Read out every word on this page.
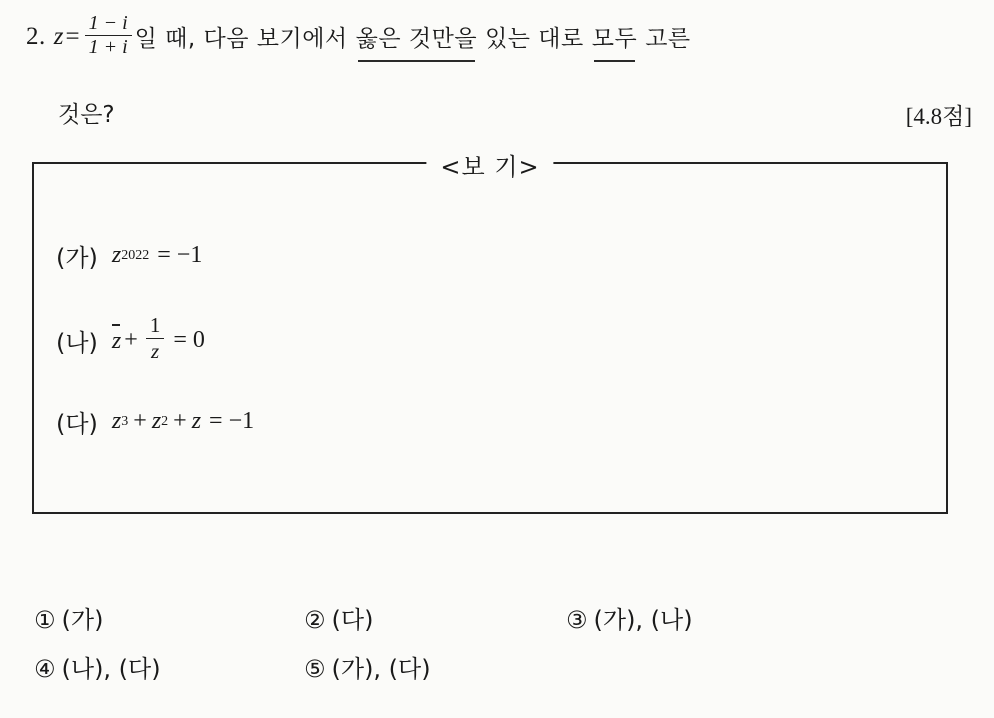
2. $z = \frac{1 - i}{1 + i}$ 일 때, 다음 보기에서 옳은 것만을 있는 대로 모두 고른
것은?	[4.8점]
<보 기>
(가) z 2022 = −1
(나) $z + \frac{1}{z} = 0$
(다) z 3 + z 2 + z = −1
① (가)	② (다)	③ (가), (나)
④ (나), (다)	⑤ (가), (다)
